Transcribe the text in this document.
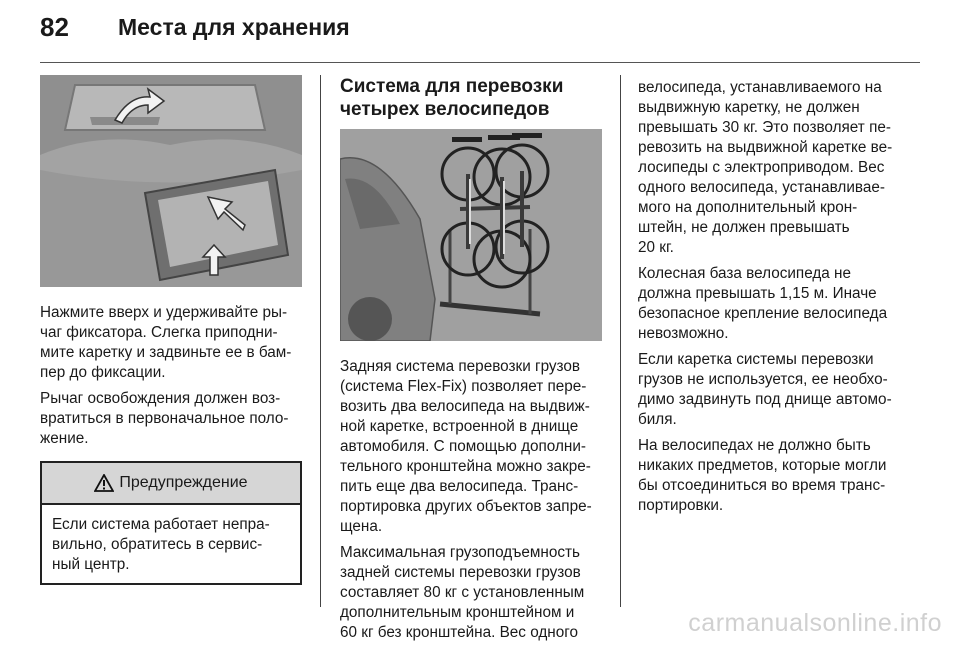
82 Места для хранения

Нажмите вверх и удерживайте ры-
чаг фиксатора. Слегка приподни-
мите каретку и задвиньте ее в бам-
пер до фиксации.

Рычаг освобождения должен воз-
вратиться в первоначальное поло-
жение.

Предупреждение

Если система работает непра-
вильно, обратитесь в сервис-
ный центр.

Система для перевозки
четырех велосипедов

Задняя система перевозки грузов
(система Flex-Fix) позволяет пере-
возить два велосипеда на выдвиж-
ной каретке, встроенной в днище
автомобиля. С помощью дополни-
тельного кронштейна можно закре-
пить еще два велосипеда. Транс-
портировка других объектов запре-
щена.

Максимальная грузоподъемность
задней системы перевозки грузов
составляет 80 кг с установленным
дополнительным кронштейном и
60 кг без кронштейна. Вес одного

велосипеда, устанавливаемого на
выдвижную каретку, не должен
превышать 30 кг. Это позволяет пе-
ревозить на выдвижной каретке ве-
лосипеды с электроприводом. Вес
одного велосипеда, устанавливае-
мого на дополнительный крон-
штейн, не должен превышать
20 кг.

Колесная база велосипеда не
должна превышать 1,15 м. Иначе
безопасное крепление велосипеда
невозможно.

Если каретка системы перевозки
грузов не используется, ее необхо-
димо задвинуть под днище автомо-
биля.

На велосипедах не должно быть
никаких предметов, которые могли
бы отсоединиться во время транс-
портировки.

carmanualsonline.info
